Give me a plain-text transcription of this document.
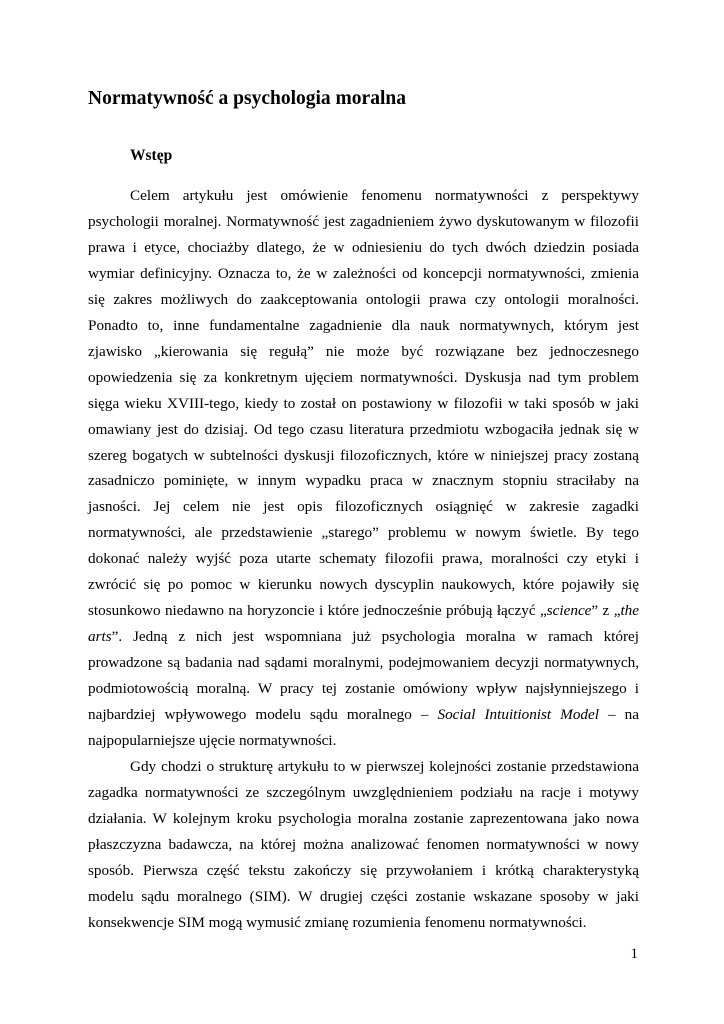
Normatywność a psychologia moralna
Wstęp

Celem artykułu jest omówienie fenomenu normatywności z perspektywy psychologii moralnej. Normatywność jest zagadnieniem żywo dyskutowanym w filozofii prawa i etyce, chociażby dlatego, że w odniesieniu do tych dwóch dziedzin posiada wymiar definicyjny. Oznacza to, że w zależności od koncepcji normatywności, zmienia się zakres możliwych do zaakceptowania ontologii prawa czy ontologii moralności. Ponadto to, inne fundamentalne zagadnienie dla nauk normatywnych, którym jest zjawisko „kierowania się regułą” nie może być rozwiązane bez jednoczesnego opowiedzenia się za konkretnym ujęciem normatywności. Dyskusja nad tym problem sięga wieku XVIII-tego, kiedy to został on postawiony w filozofii w taki sposób w jaki omawiany jest do dzisiaj. Od tego czasu literatura przedmiotu wzbogaciła jednak się w szereg bogatych w subtelności dyskusji filozoficznych, które w niniejszej pracy zostaną zasadniczo pominięte, w innym wypadku praca w znacznym stopniu straciłaby na jasności. Jej celem nie jest opis filozoficznych osiągnięć w zakresie zagadki normatywności, ale przedstawienie „starego” problemu w nowym świetle. By tego dokonać należy wyjść poza utarte schematy filozofii prawa, moralności czy etyki i zwrócić się po pomoc w kierunku nowych dyscyplin naukowych, które pojawiły się stosunkowo niedawno na horyzoncie i które jednocześnie próbują łączyć „science” z „the arts”. Jedną z nich jest wspomniana już psychologia moralna w ramach której prowadzone są badania nad sądami moralnymi, podejmowaniem decyzji normatywnych, podmiotowością moralną. W pracy tej zostanie omówiony wpływ najsłynniejszego i najbardziej wpływowego modelu sądu moralnego – Social Intuitionist Model – na najpopularniejsze ujęcie normatywności.

Gdy chodzi o strukturę artykułu to w pierwszej kolejności zostanie przedstawiona zagadka normatywności ze szczególnym uwzględnieniem podziału na racje i motywy działania. W kolejnym kroku psychologia moralna zostanie zaprezentowana jako nowa płaszczyzna badawcza, na której można analizować fenomen normatywności w nowy sposób. Pierwsza część tekstu zakończy się przywołaniem i krótką charakterystyką modelu sądu moralnego (SIM). W drugiej części zostanie wskazane sposoby w jaki konsekwencje SIM mogą wymusić zmianę rozumienia fenomenu normatywności.

1
